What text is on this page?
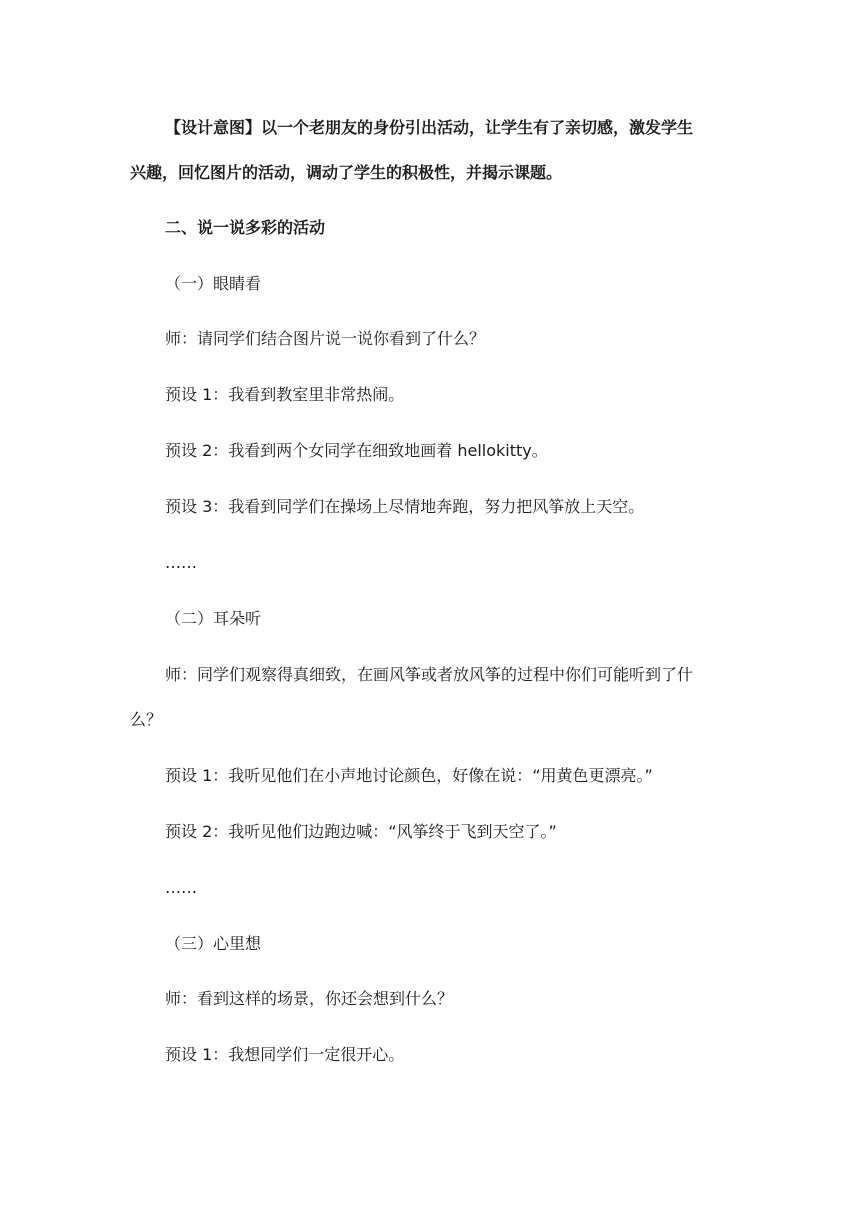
【设计意图】以一个老朋友的身份引出活动，让学生有了亲切感，激发学生
兴趣，回忆图片的活动，调动了学生的积极性，并揭示课题。
二、说一说多彩的活动
（一）眼睛看
师：请同学们结合图片说一说你看到了什么？
预设 1：我看到教室里非常热闹。
预设 2：我看到两个女同学在细致地画着 hellokitty。
预设 3：我看到同学们在操场上尽情地奔跑，努力把风筝放上天空。
……
（二）耳朵听
师：同学们观察得真细致，在画风筝或者放风筝的过程中你们可能听到了什
么？
预设 1：我听见他们在小声地讨论颜色，好像在说：“用黄色更漂亮。”
预设 2：我听见他们边跑边喊：“风筝终于飞到天空了。”
……
（三）心里想
师：看到这样的场景，你还会想到什么？
预设 1：我想同学们一定很开心。
